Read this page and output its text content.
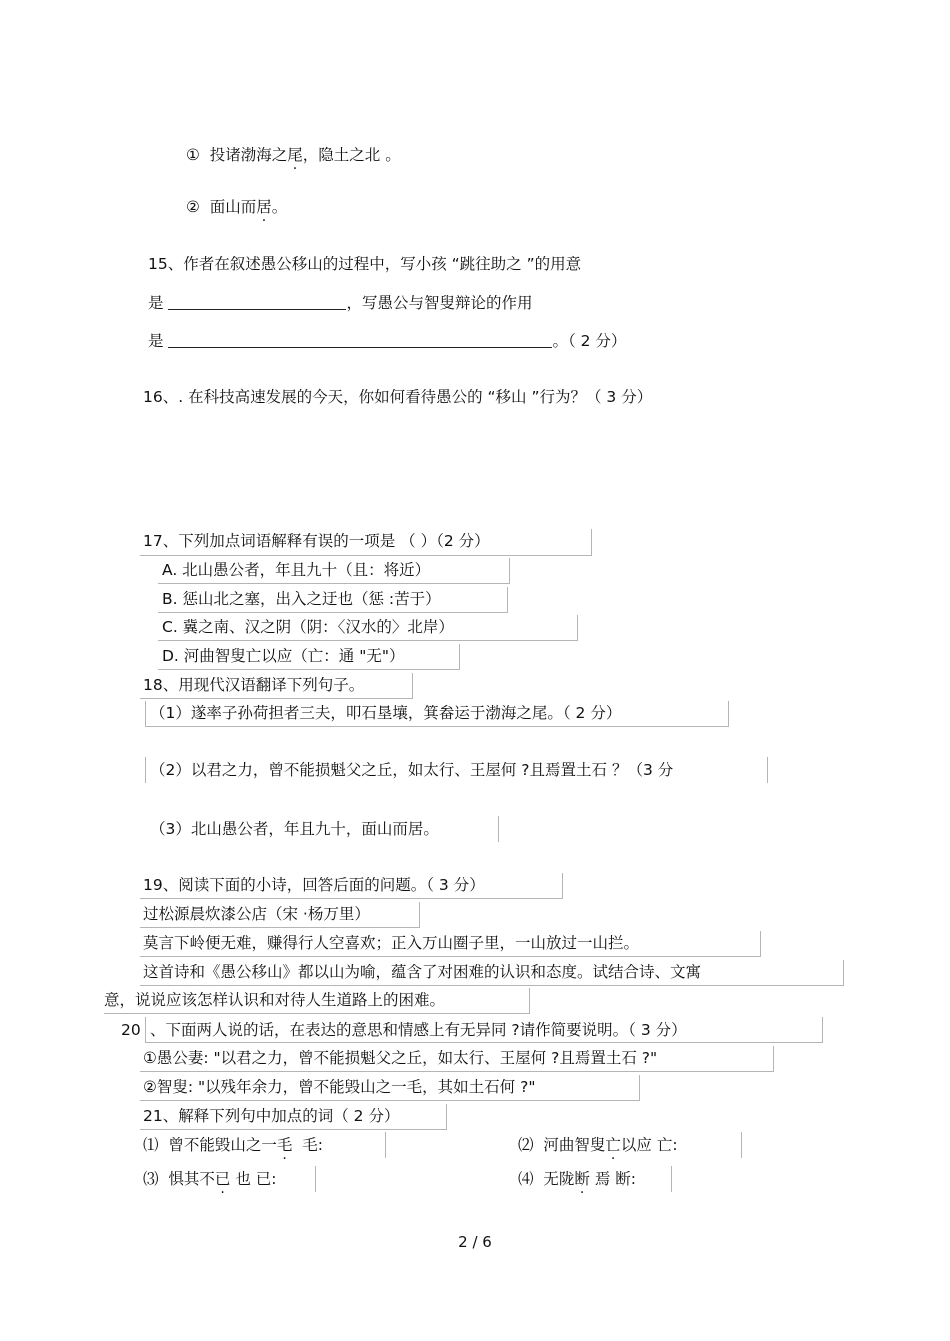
① 投诸渤海之尾，隐土之北 。
② 面山而居。
15、作者在叙述愚公移山的过程中，写小孩 “跳往助之 ”的用意
是	，写愚公与智叟辩论的作用
是	。（ 2 分）
16、. 在科技高速发展的今天，你如何看待愚公的 “移山 ”行为？（ 3 分）
17、下列加点词语解释有误的一项是 （ ）（2 分）
A. 北山愚公者，年且九十（且：将近）
B. 惩山北之塞，出入之迂也（惩 :苦于）
C. 冀之南、汉之阴（阴：〈汉水的〉北岸）
D. 河曲智叟亡以应（亡：通 "无"）
18、用现代汉语翻译下列句子。
（1）遂率子孙荷担者三夫，叩石垦壤，箕畚运于渤海之尾。（ 2 分）
（2）以君之力，曾不能损魁父之丘，如太行、王屋何 ?且焉置土石 ？（3 分
（3）北山愚公者，年且九十，面山而居。
19、阅读下面的小诗，回答后面的问题。（ 3 分）
过松源晨炊漆公店（宋 ·杨万里）
莫言下岭便无难，赚得行人空喜欢；正入万山圈子里，一山放过一山拦。
这首诗和《愚公移山》都以山为喻，蕴含了对困难的认识和态度。试结合诗、文寓
意，说说应该怎样认识和对待人生道路上的困难。
20 、下面两人说的话，在表达的意思和情感上有无异同 ?请作简要说明。（ 3 分）
①愚公妻: "以君之力，曾不能损魁父之丘，如太行、王屋何 ?且焉置土石 ?"
②智叟: "以残年余力，曾不能毁山之一毛，其如土石何 ?"
21、解释下列句中加点的词（ 2 分）
⑴ 曾不能毁山之一毛 毛:	⑵ 河曲智叟亡以应 亡:
⑶ 惧其不已 也 已:	⑷ 无陇断 焉 断:
2 / 6
